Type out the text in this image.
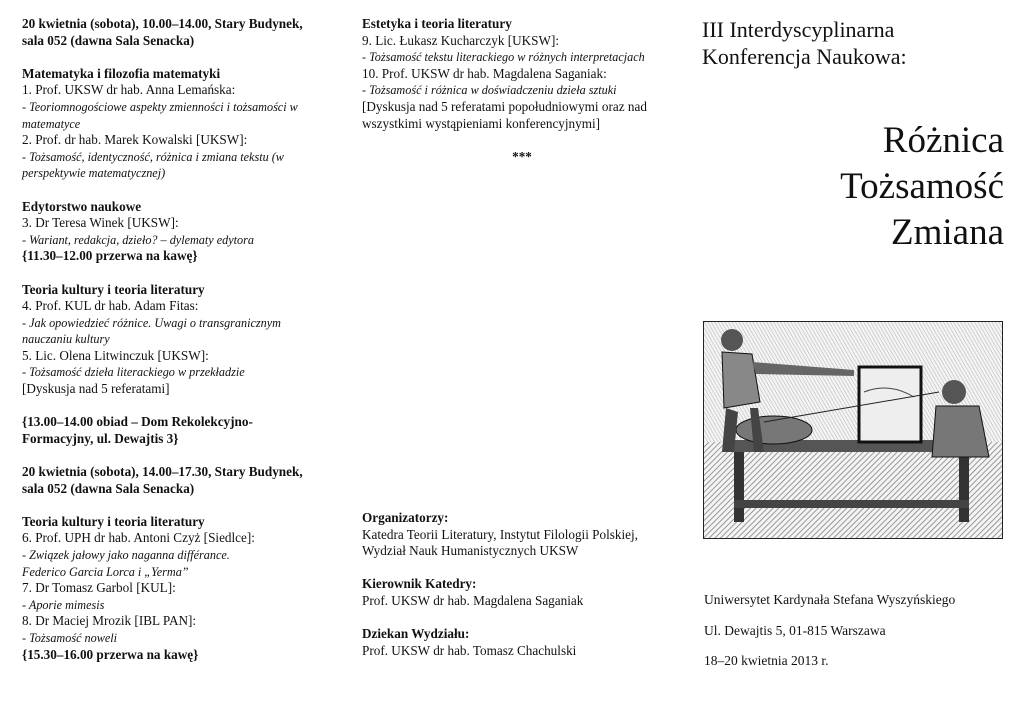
20 kwietnia (sobota), 10.00–14.00, Stary Budynek, sala 052 (dawna Sala Senacka)

Matematyka i filozofia matematyki

1. Prof. UKSW dr hab. Anna Lemańska:

- Teoriomnogościowe aspekty zmienności i tożsamości w matematyce

2. Prof. dr hab. Marek Kowalski [UKSW]:

- Tożsamość, identyczność, różnica i zmiana tekstu (w perspektywie matematycznej)

Edytorstwo naukowe

3. Dr Teresa Winek [UKSW]:

- Wariant, redakcja, dzieło? – dylematy edytora

{11.30–12.00 przerwa na kawę}

Teoria kultury i teoria literatury

4. Prof. KUL dr hab. Adam Fitas:

- Jak opowiedzieć różnice. Uwagi o transgranicznym nauczaniu kultury

5. Lic. Olena Litwinczuk [UKSW]:

- Tożsamość dzieła literackiego w przekładzie

[Dyskusja nad 5 referatami]

{13.00–14.00 obiad – Dom Rekolekcyjno-Formacyjny, ul. Dewajtis 3}

20 kwietnia (sobota), 14.00–17.30, Stary Budynek, sala 052 (dawna Sala Senacka)

Teoria kultury i teoria literatury

6. Prof. UPH dr hab. Antoni Czyż [Siedlce]:

- Związek jałowy jako naganna différance.

Federico Garcia Lorca i „Yerma”

7. Dr Tomasz Garbol [KUL]:

- Aporie mimesis

8. Dr Maciej Mrozik [IBL PAN]:

- Tożsamość noweli

{15.30–16.00 przerwa na kawę}

Estetyka i teoria literatury

9. Lic. Łukasz Kucharczyk [UKSW]:

- Tożsamość tekstu literackiego w różnych interpretacjach

10. Prof. UKSW dr hab. Magdalena Saganiak:

- Tożsamość i różnica w doświadczeniu dzieła sztuki

[Dyskusja nad 5 referatami popołudniowymi oraz nad wszystkimi wystąpieniami konferencyjnymi]

***

Organizatorzy:

Katedra Teorii Literatury, Instytut Filologii Polskiej, Wydział Nauk Humanistycznych UKSW

Kierownik Katedry:

Prof. UKSW dr hab. Magdalena Saganiak

Dziekan Wydziału:

Prof. UKSW dr hab. Tomasz Chachulski

III Interdyscyplinarna

Konferencja Naukowa:

Różnica

Tożsamość

Zmiana

Uniwersytet Kardynała Stefana Wyszyńskiego

Ul. Dewajtis 5, 01-815 Warszawa

18–20 kwietnia 2013 r.
